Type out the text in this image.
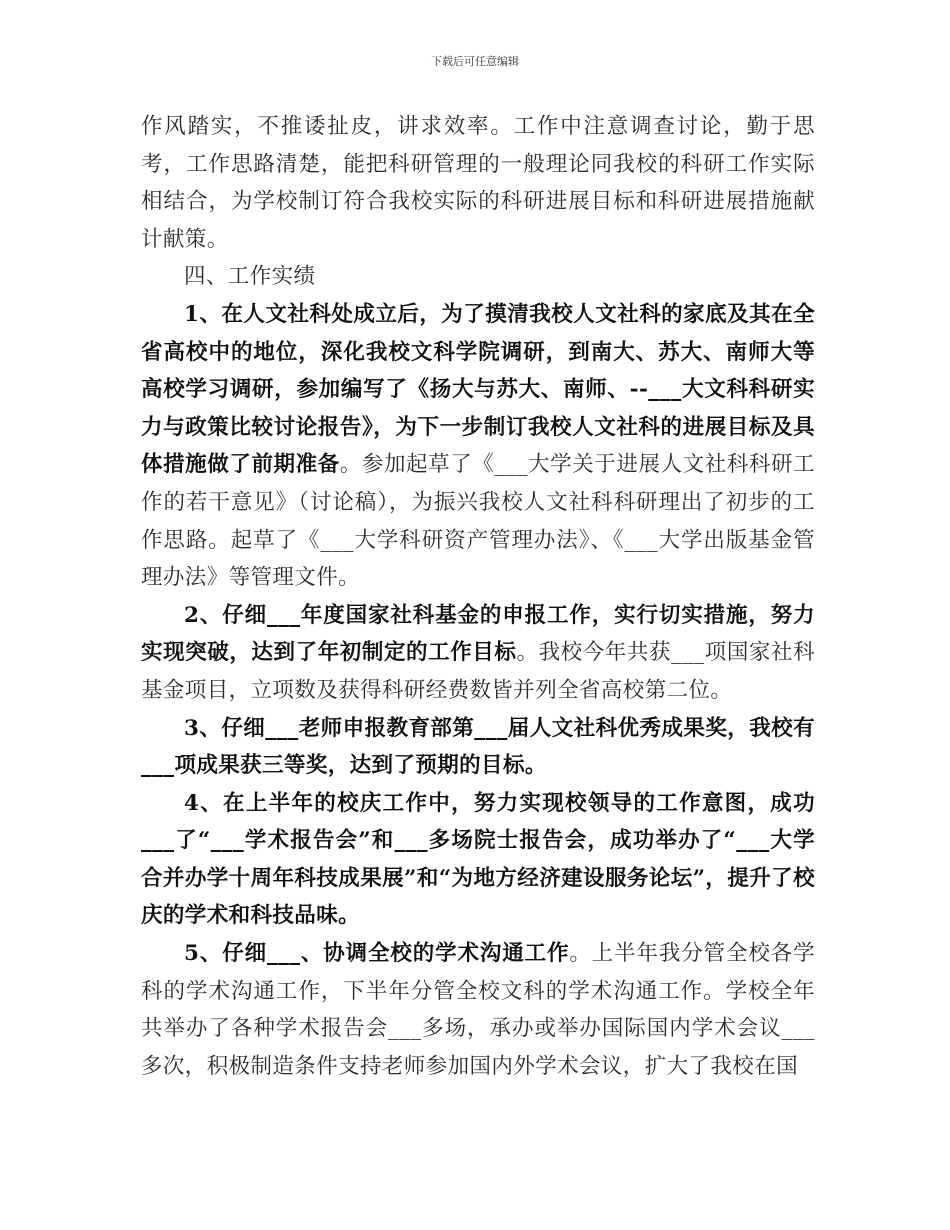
下载后可任意编辑

作风踏实，不推诿扯皮，讲求效率。工作中注意调查讨论，勤于思考，工作思路清楚，能把科研管理的一般理论同我校的科研工作实际相结合，为学校制订符合我校实际的科研进展目标和科研进展措施献计献策。

四、工作实绩

1、在人文社科处成立后，为了摸清我校人文社科的家底及其在全省高校中的地位，深化我校文科学院调研，到南大、苏大、南师大等高校学习调研，参加编写了《扬大与苏大、南师、--___大文科科研实力与政策比较讨论报告》，为下一步制订我校人文社科的进展目标及具体措施做了前期准备。参加起草了《___大学关于进展人文社科科研工作的若干意见》（讨论稿），为振兴我校人文社科科研理出了初步的工作思路。起草了《___大学科研资产管理办法》、《___大学出版基金管理办法》等管理文件。

2、仔细___年度国家社科基金的申报工作，实行切实措施，努力实现突破，达到了年初制定的工作目标。我校今年共获___项国家社科基金项目，立项数及获得科研经费数皆并列全省高校第二位。

3、仔细___老师申报教育部第___届人文社科优秀成果奖，我校有___项成果获三等奖，达到了预期的目标。

4、在上半年的校庆工作中，努力实现校领导的工作意图，成功___了“___学术报告会”和___多场院士报告会，成功举办了“___大学合并办学十周年科技成果展”和“为地方经济建设服务论坛”，提升了校庆的学术和科技品味。

5、仔细___、协调全校的学术沟通工作。上半年我分管全校各学科的学术沟通工作，下半年分管全校文科的学术沟通工作。学校全年共举办了各种学术报告会___多场，承办或举办国际国内学术会议___多次，积极制造条件支持老师参加国内外学术会议，扩大了我校在国
